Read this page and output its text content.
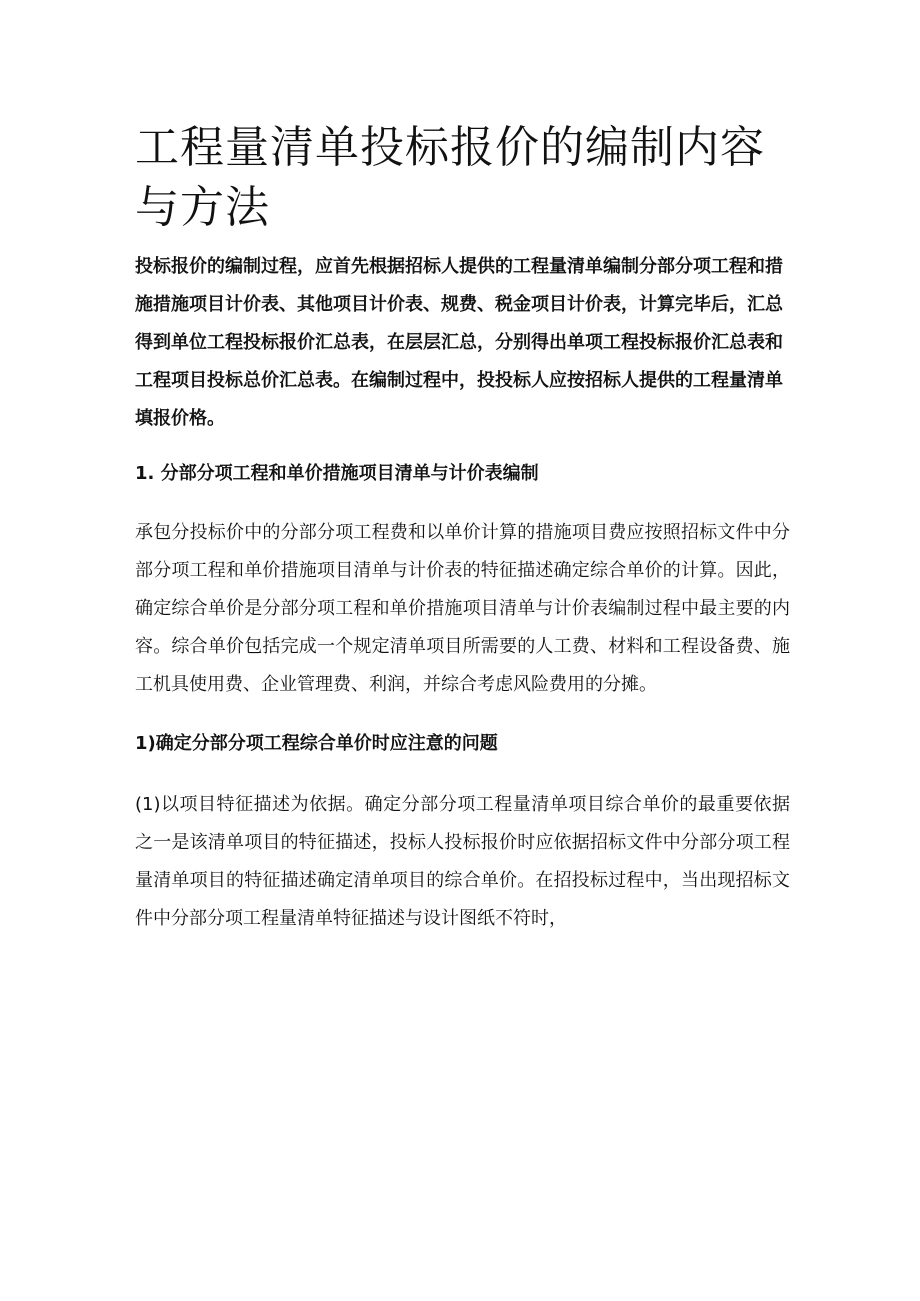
工程量清单投标报价的编制内容与方法

投标报价的编制过程，应首先根据招标人提供的工程量清单编制分部分项工程和措施措施项目计价表、其他项目计价表、规费、税金项目计价表，计算完毕后，汇总得到单位工程投标报价汇总表，在层层汇总，分别得出单项工程投标报价汇总表和工程项目投标总价汇总表。在编制过程中，投投标人应按招标人提供的工程量清单填报价格。

1. 分部分项工程和单价措施项目清单与计价表编制

承包分投标价中的分部分项工程费和以单价计算的措施项目费应按照招标文件中分部分项工程和单价措施项目清单与计价表的特征描述确定综合单价的计算。因此，确定综合单价是分部分项工程和单价措施项目清单与计价表编制过程中最主要的内容。综合单价包括完成一个规定清单项目所需要的人工费、材料和工程设备费、施工机具使用费、企业管理费、利润，并综合考虑风险费用的分摊。

1)确定分部分项工程综合单价时应注意的问题

(1)以项目特征描述为依据。确定分部分项工程量清单项目综合单价的最重要依据之一是该清单项目的特征描述，投标人投标报价时应依据招标文件中分部分项工程量清单项目的特征描述确定清单项目的综合单价。在招投标过程中，当出现招标文件中分部分项工程量清单特征描述与设计图纸不符时，
